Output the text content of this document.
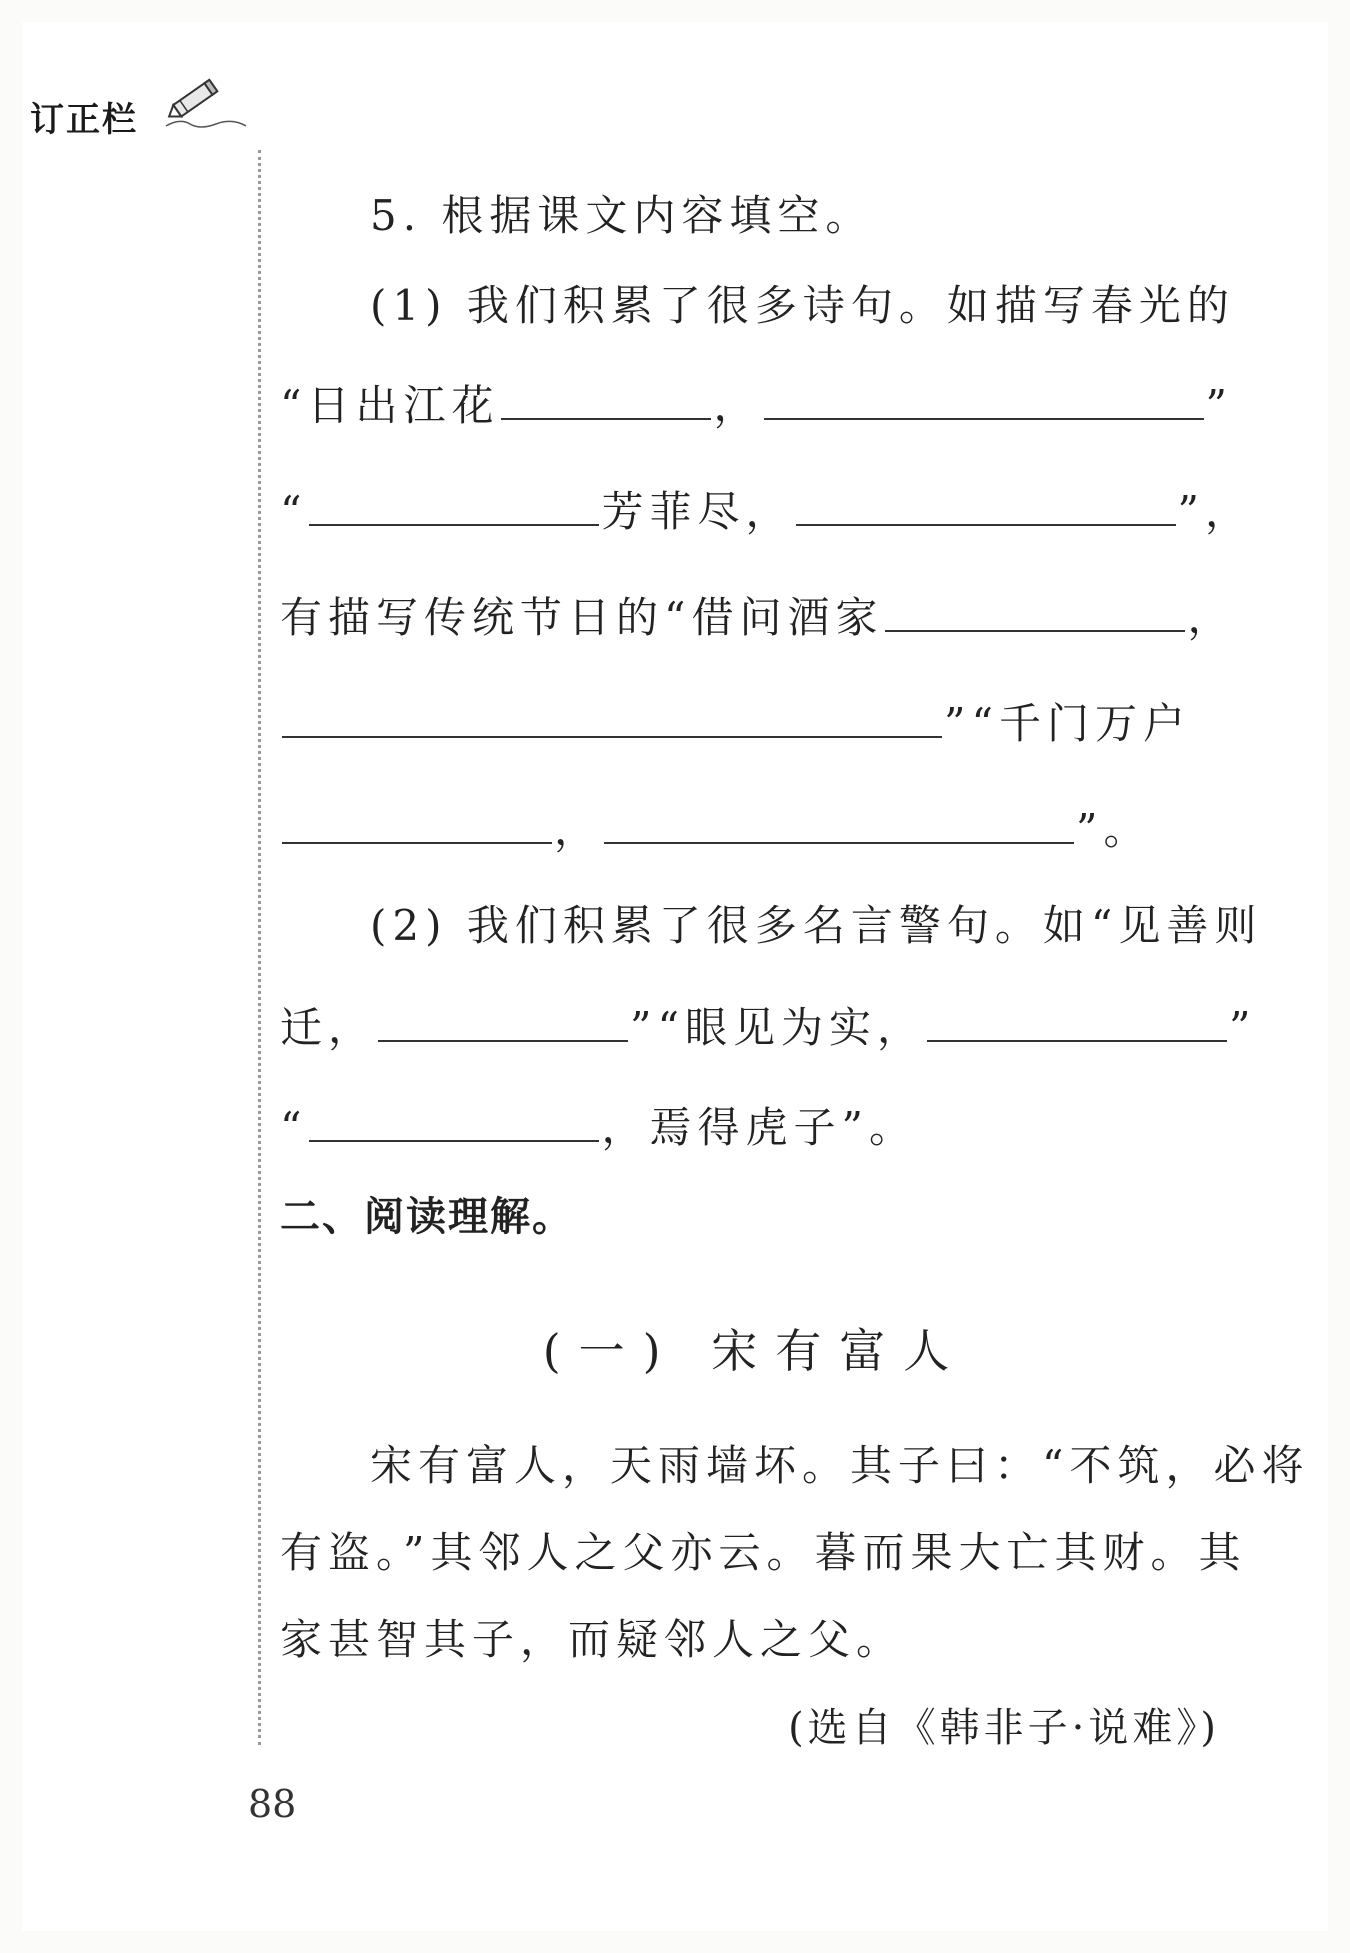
订正栏
5. 根据课文内容填空。
(1) 我们积累了很多诗句。如描写春光的
“日出江花	，	”
“	芳菲尽，	”，
有描写传统节日的“借问酒家	，
”“千门万户
，	”。
(2) 我们积累了很多名言警句。如“见善则
迁，	”“眼见为实，	”
“	，焉得虎子”。
二、阅读理解。
(一) 宋有富人
宋有富人，天雨墙坏。其子曰：“不筑，必将
有盗。”其邻人之父亦云。暮而果大亡其财。其
家甚智其子，而疑邻人之父。
(选自《韩非子·说难》)
88
